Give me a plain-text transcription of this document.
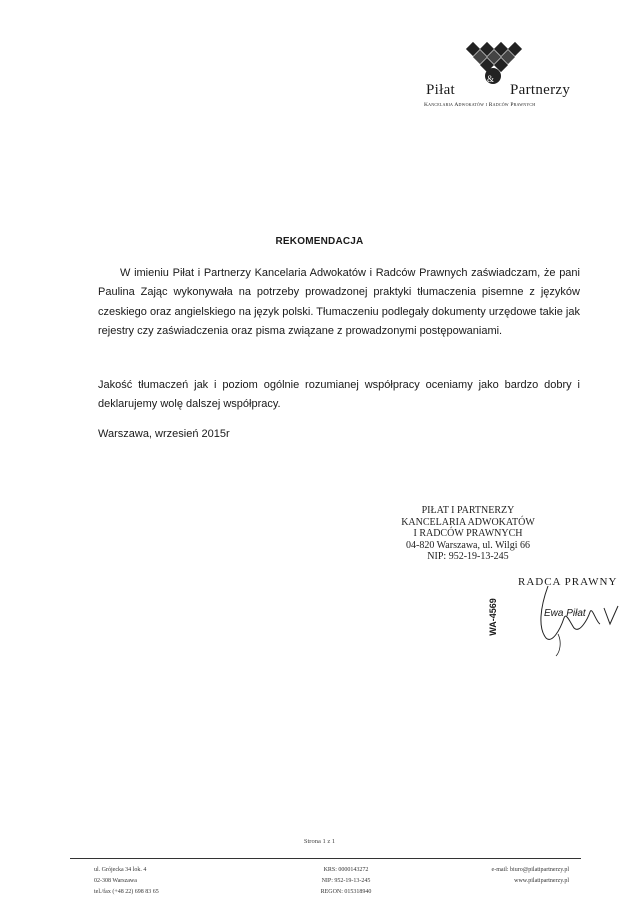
Piłat
&
Partnerzy
Kancelaria Adwokatów i Radców Prawnych
REKOMENDACJA
W imieniu Piłat i Partnerzy Kancelaria Adwokatów i Radców Prawnych zaświadczam, że pani Paulina Zając wykonywała na potrzeby prowadzonej praktyki tłumaczenia pisemne z języków czeskiego oraz angielskiego na język polski. Tłumaczeniu podlegały dokumenty urzędowe takie jak rejestry czy zaświadczenia oraz pisma związane z prowadzonymi postępowaniami.
Jakość tłumaczeń jak i poziom ogólnie rozumianej współpracy oceniamy jako bardzo dobry i deklarujemy wolę dalszej współpracy.
Warszawa, wrzesień 2015r
PIŁAT I PARTNERZY
KANCELARIA ADWOKATÓW
I RADCÓW PRAWNYCH
04-820 Warszawa, ul. Wilgi 66
NIP: 952-19-13-245
WA-4569
RADCA PRAWNY
Ewa Piłat
Strona 1 z 1
ul. Grójecka 34 lok. 4
02-308 Warszawa
tel./fax (+48 22) 698 83 65
KRS: 0000143272
NIP: 952-19-13-245
REGON: 015318940
e-mail: biuro@pilatipartnerzy.pl
www.pilatipartnerzy.pl
